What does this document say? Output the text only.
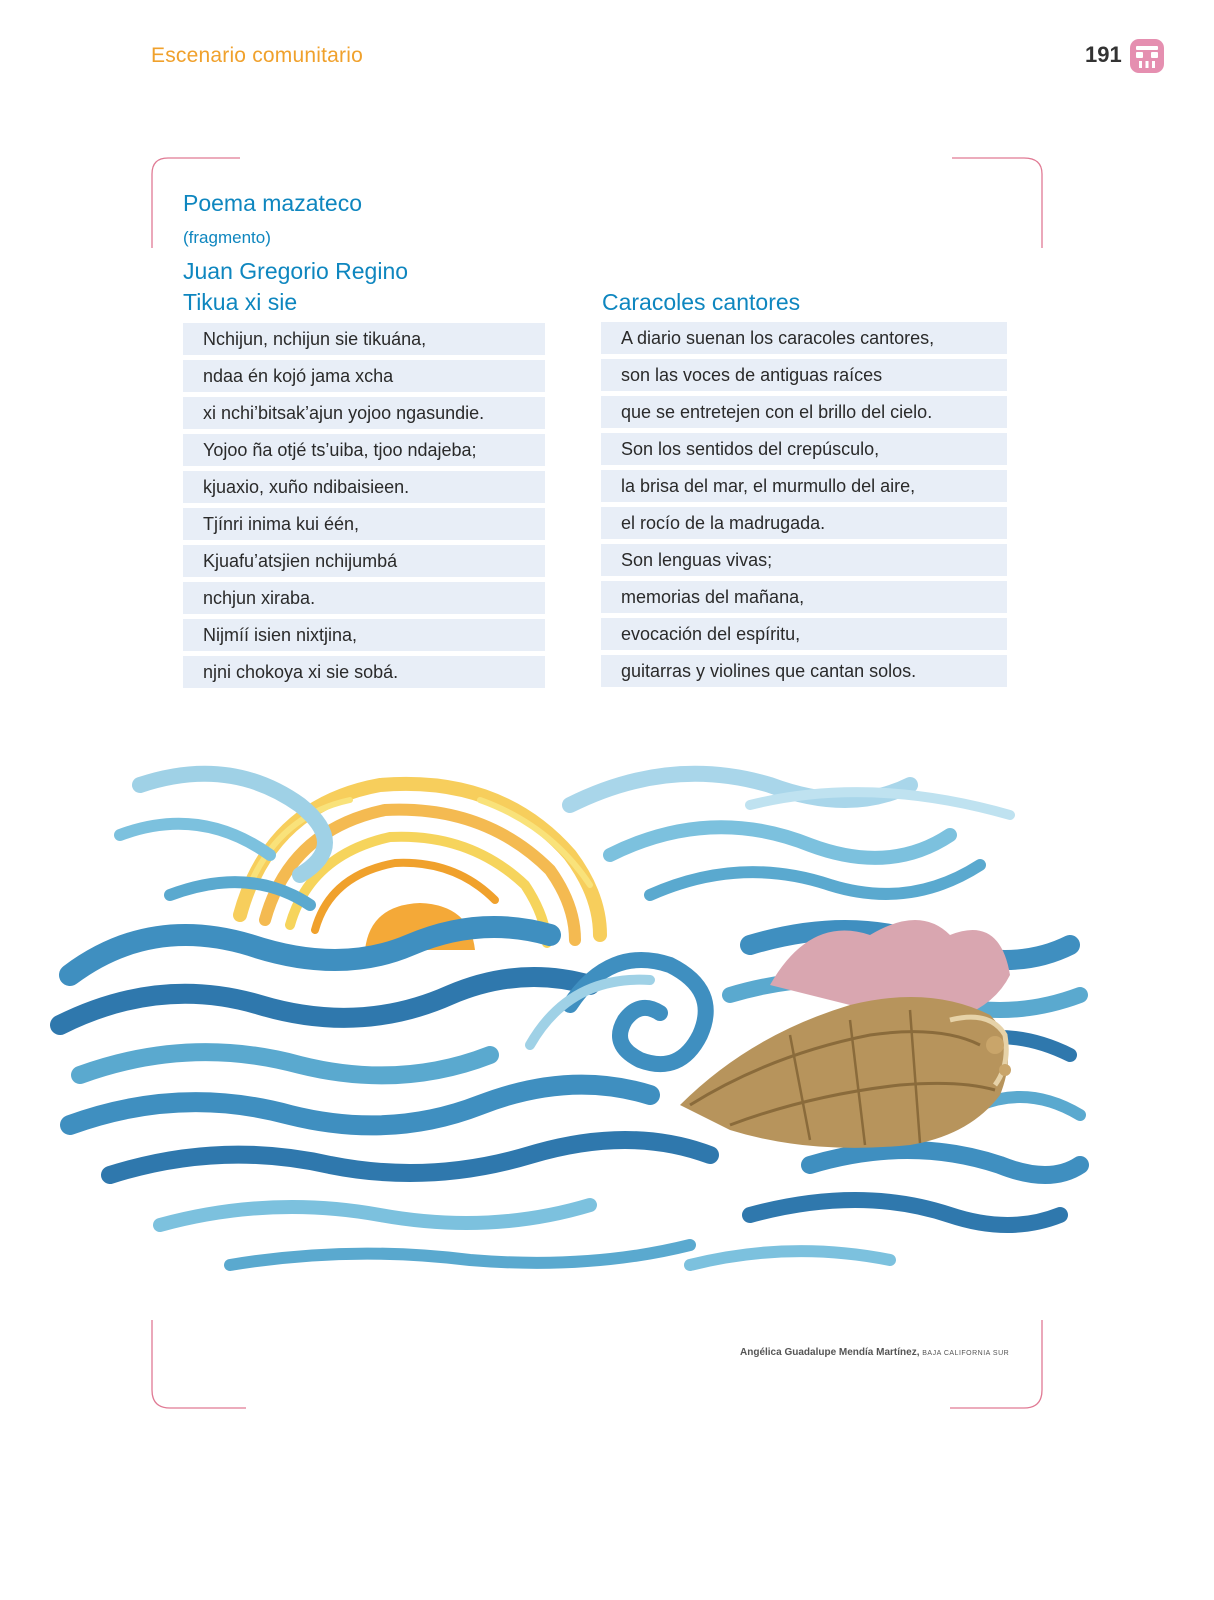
Escenario comunitario	191
Poema mazateco
(fragmento)
Juan Gregorio Regino
Tikua xi sie
Nchijun, nchijun sie tikuána,
ndaa én kojó jama xcha
xi nchi’bitsak’ajun yojoo ngasundie.
Yojoo ña otjé ts’uiba, tjoo ndajeba;
kjuaxio, xuño ndibaisieen.
Tjínri inima kui één,
Kjuafu’atsjien nchijumbá
nchjun xiraba.
Nijmíí isien nixtjina,
njni chokoya xi sie sobá.
Caracoles cantores
A diario suenan los caracoles cantores,
son las voces de antiguas raíces
que se entretejen con el brillo del cielo.
Son los sentidos del crepúsculo,
la brisa del mar, el murmullo del aire,
el rocío de la madrugada.
Son lenguas vivas;
memorias del mañana,
evocación del espíritu,
guitarras y violines que cantan solos.
Angélica Guadalupe Mendía Martínez, BAJA CALIFORNIA SUR
